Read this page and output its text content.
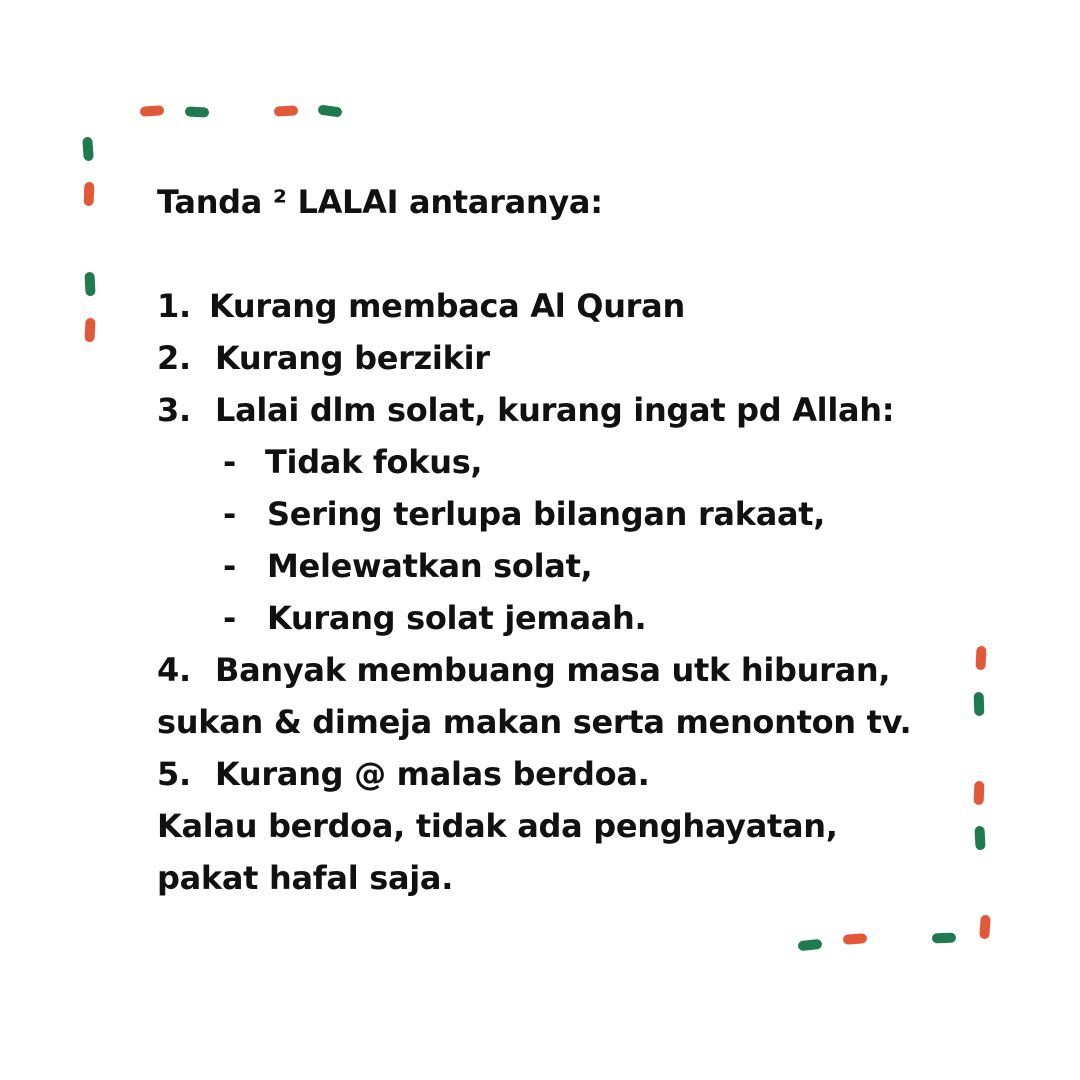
Tanda ² LALAI antaranya:
1. Kurang membaca Al Quran
2. Kurang berzikir
3. Lalai dlm solat, kurang ingat pd Allah:
- Tidak fokus,
- Sering terlupa bilangan rakaat,
- Melewatkan solat,
- Kurang solat jemaah.
4. Banyak membuang masa utk hiburan,
sukan & dimeja makan serta menonton tv.
5. Kurang @ malas berdoa.
Kalau berdoa, tidak ada penghayatan,
pakat hafal saja.
